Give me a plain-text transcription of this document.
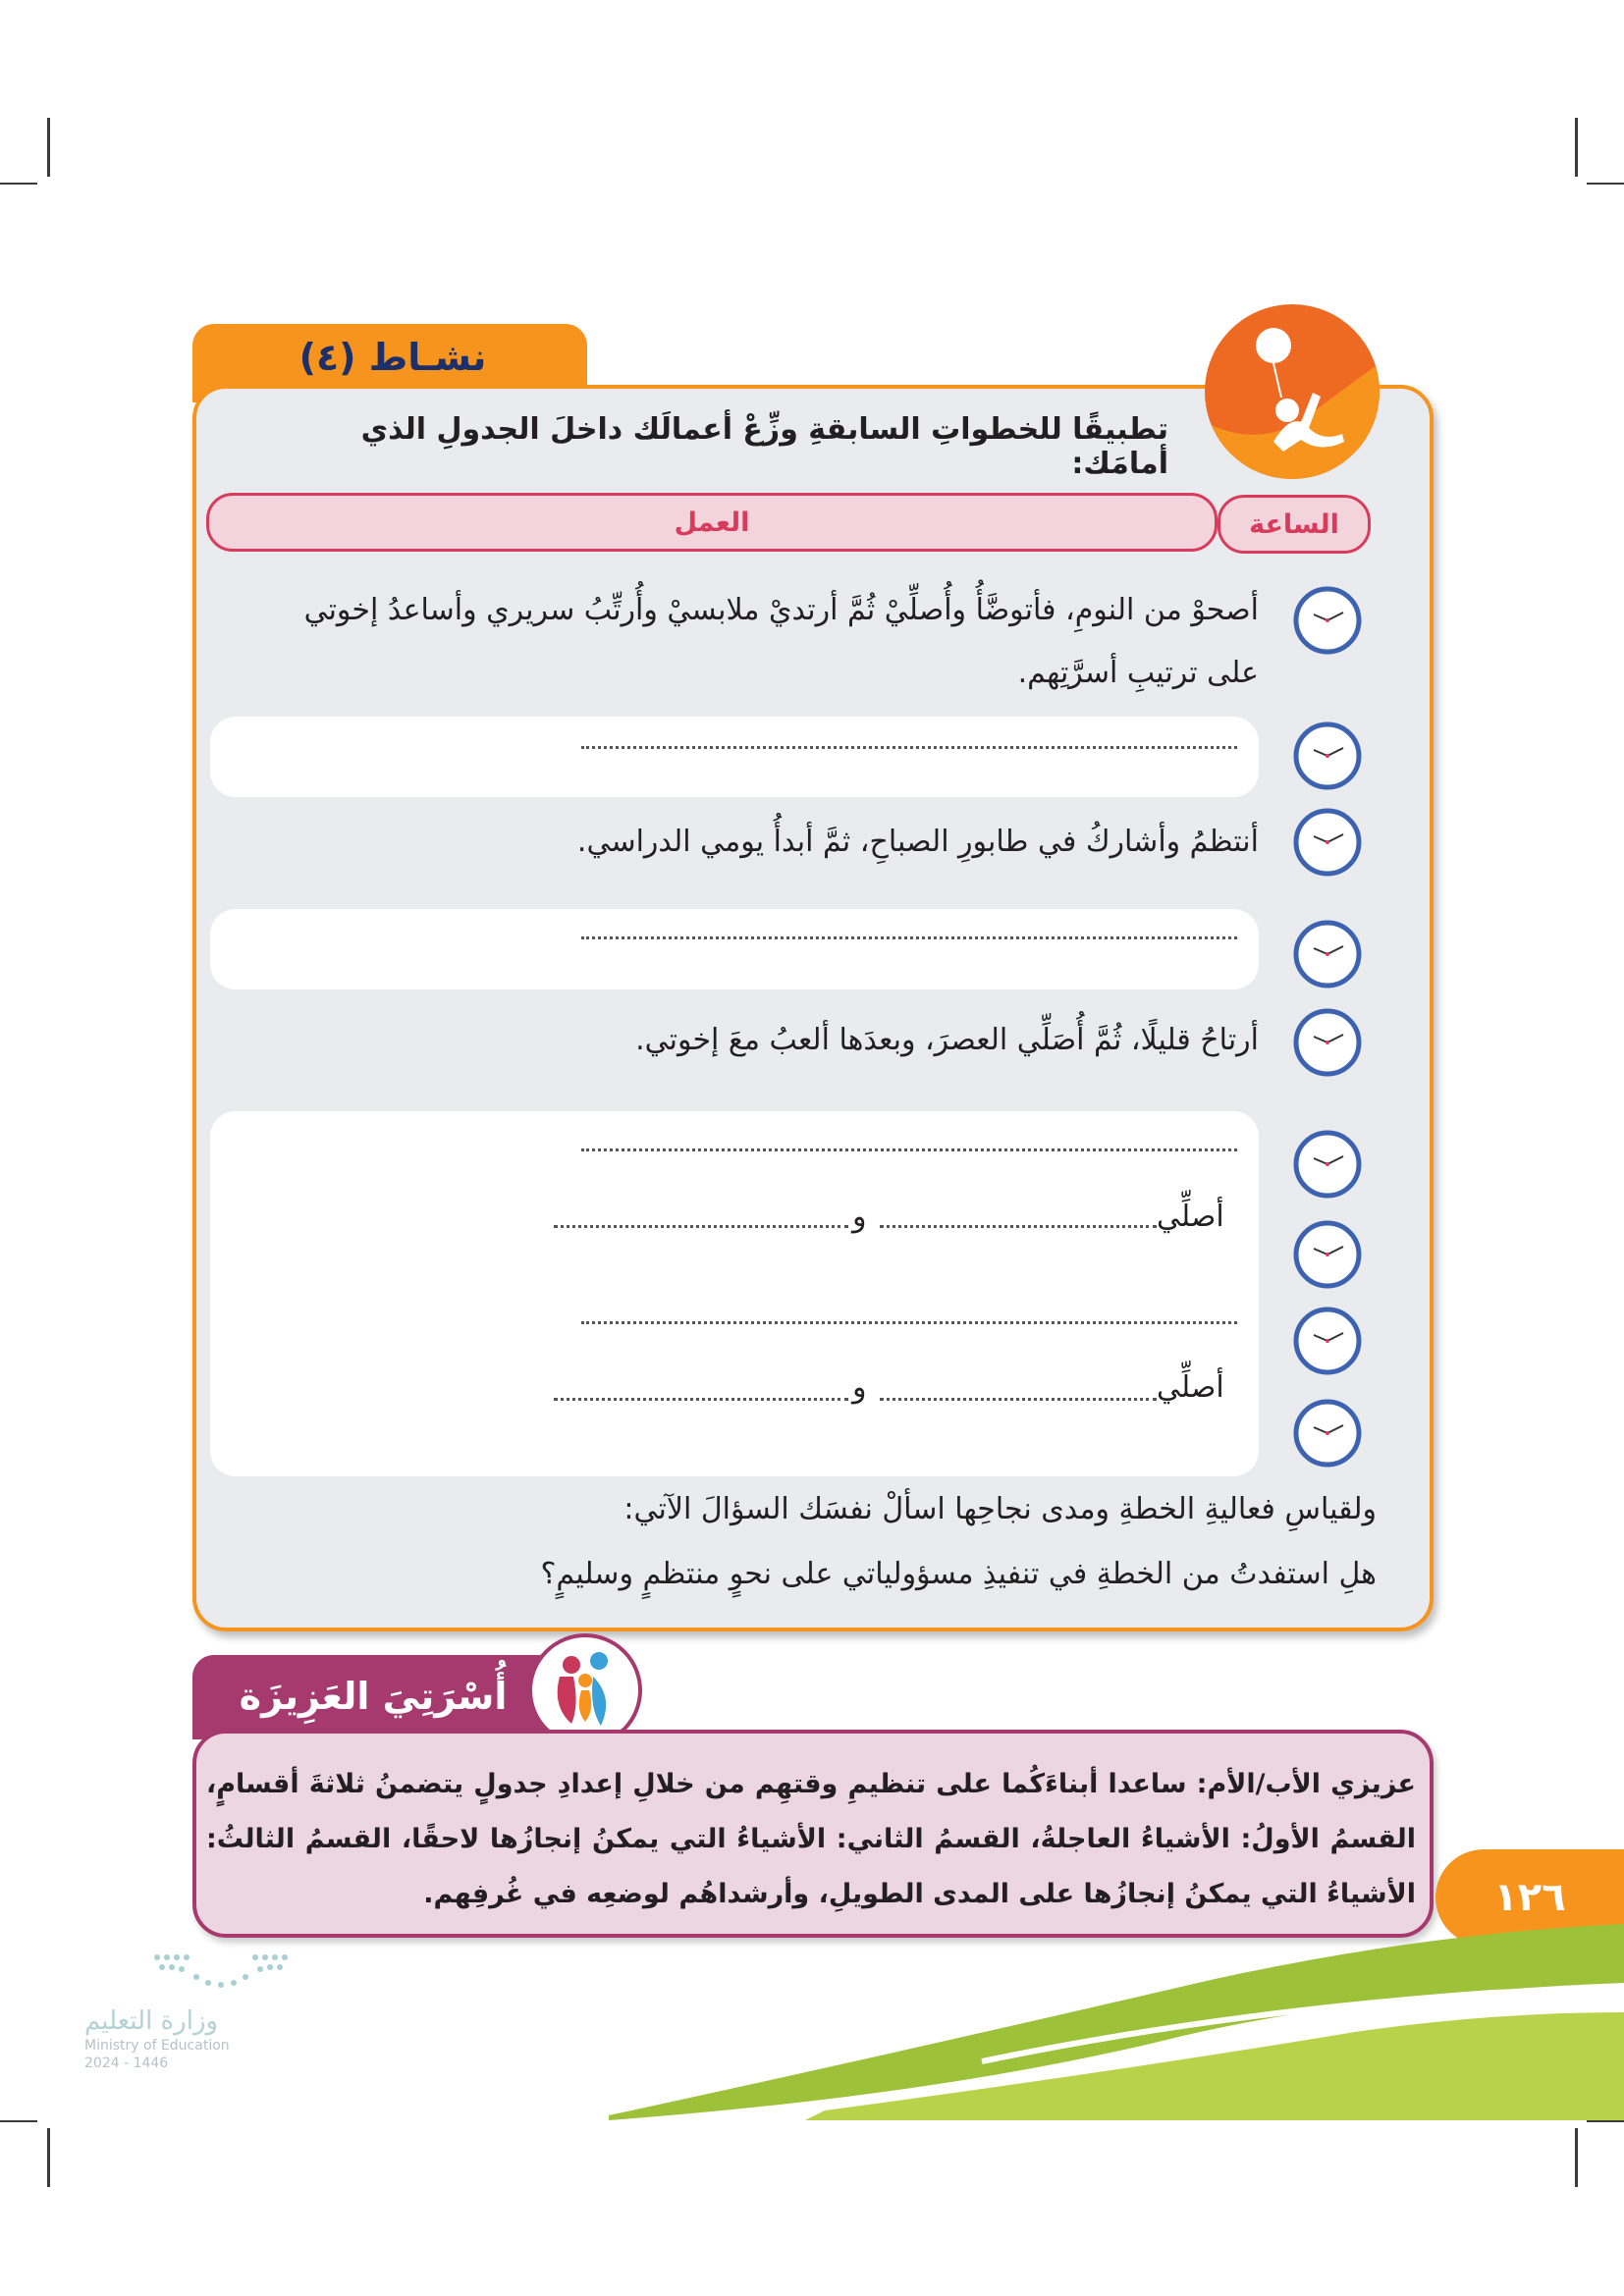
نشـاط (٤)
تطبيقًا للخطواتِ السابقةِ وزِّعْ أعمالَك داخلَ الجدولِ الذي أمامَك:
الساعة
العمل
أصحوْ من النومِ، فأتوضَّأُ وأُصلِّيْ ثُمَّ أرتديْ ملابسيْ وأُرتِّبُ سريري وأساعدُ إخوتي
على ترتيبِ أسرَّتِهم.
أنتظمُ وأشاركُ في طابورِ الصباحِ، ثمَّ أبدأُ يومي الدراسي.
أرتاحُ قليلًا، ثُمَّ أُصَلِّي العصرَ، وبعدَها ألعبُ معَ إخوتي.
أصلِّي
و
أصلِّي
و
ولقياسِ فعاليةِ الخطةِ ومدى نجاحِها اسألْ نفسَك السؤالَ الآتي:
هلِ استفدتُ من الخطةِ في تنفيذِ مسؤولياتي على نحوٍ منتظمٍ وسليمٍ؟
أُسْرَتِيَ العَزِيزَة
عزيزي الأب/الأم: ساعدا أبناءَكُما على تنظيمِ وقتهِم من خلالِ إعدادِ جدولٍ يتضمنُ ثلاثةَ أقسامٍ، القسمُ الأولُ: الأشياءُ العاجلةُ، القسمُ الثاني: الأشياءُ التي يمكنُ إنجازُها لاحقًا، القسمُ الثالثُ: الأشياءُ التي يمكنُ إنجازُها على المدى الطويلِ، وأرشداهُم لوضعِه في غُرفِهم.	١٢٦
وزارة التعليم
Ministry of Education
2024 - 1446
